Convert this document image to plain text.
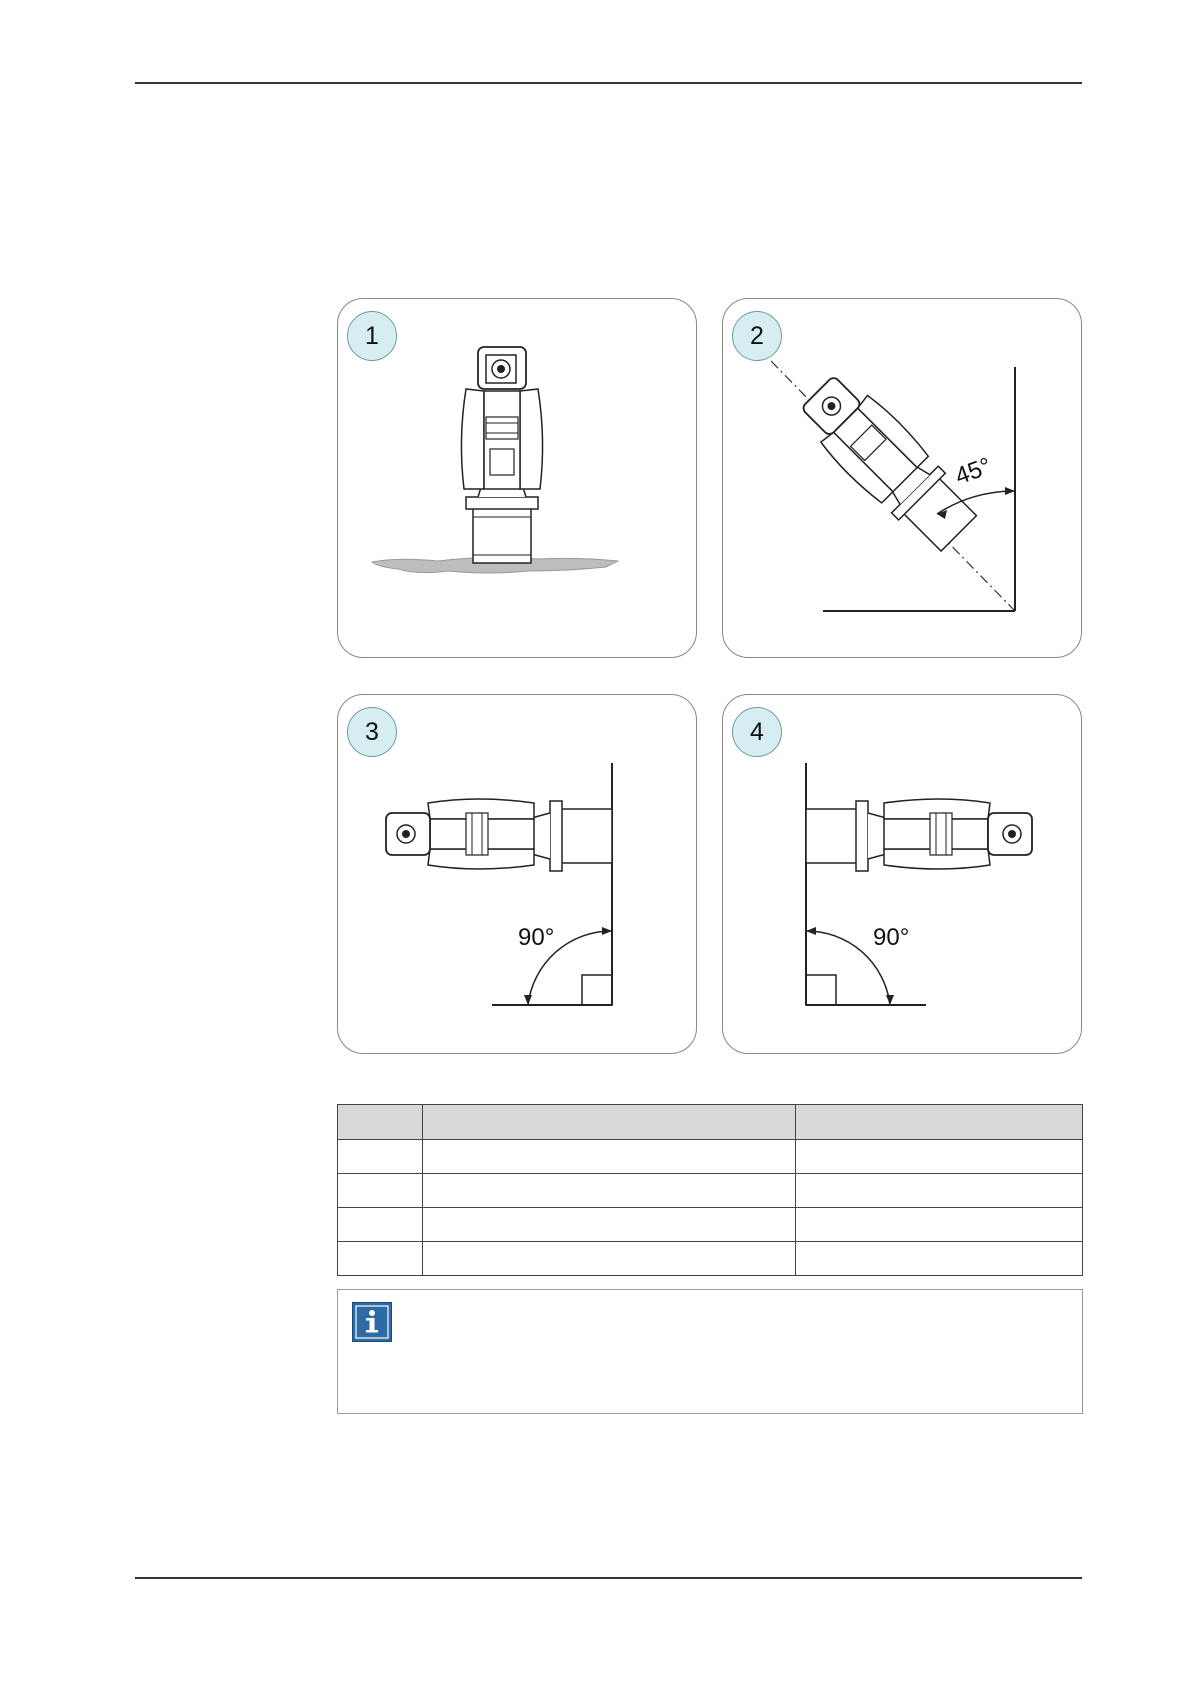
1
45°
2
90°
3
90°
4
